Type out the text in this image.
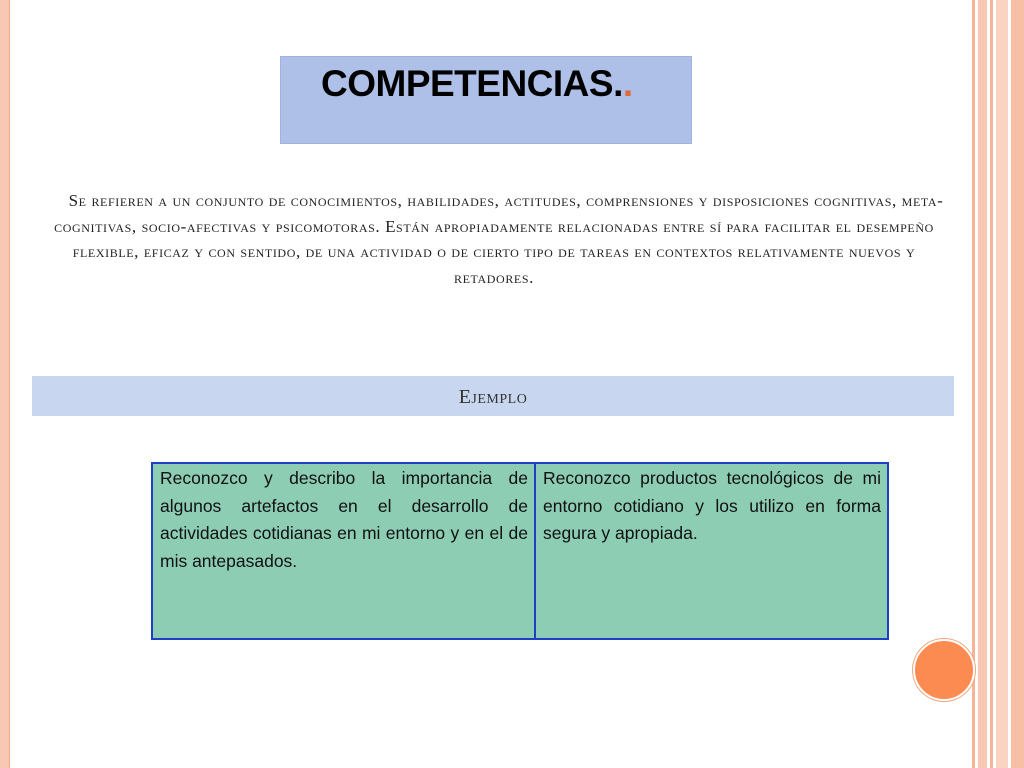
COMPETENCIAS..
Se refieren a un conjunto de conocimientos, habilidades, actitudes, comprensiones y disposiciones cognitivas, meta-cognitivas, socio-afectivas y psicomotoras. Están apropiadamente relacionadas entre sí para facilitar el desempeño flexible, eficaz y con sentido, de una actividad o de cierto tipo de tareas en contextos relativamente nuevos y retadores.
Ejemplo
Reconozco y describo la importancia de algunos artefactos en el desarrollo de actividades cotidianas en mi entorno y en el de mis antepasados.	Reconozco productos tecnológicos de mi entorno cotidiano y los utilizo en forma segura y apropiada.
